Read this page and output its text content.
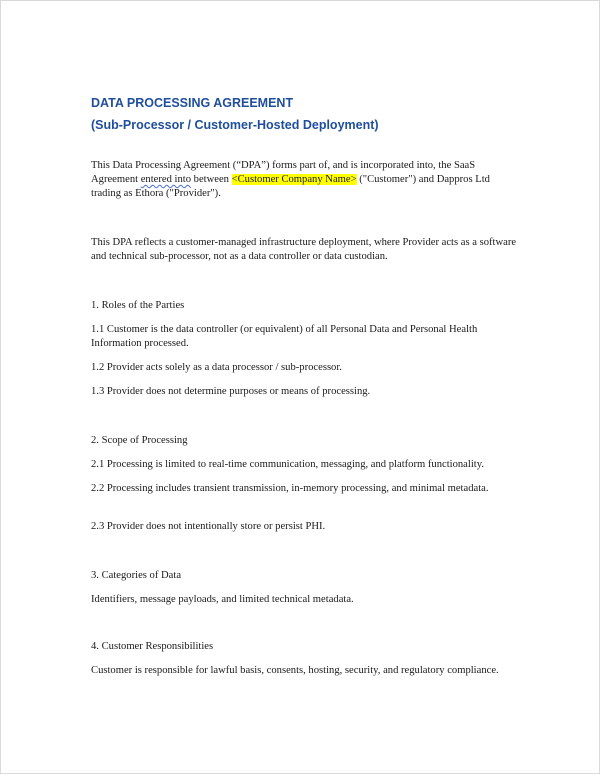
DATA PROCESSING AGREEMENT
(Sub-Processor / Customer-Hosted Deployment)

This Data Processing Agreement (“DPA”) forms part of, and is incorporated into, the SaaS Agreement entered into between <Customer Company Name> ("Customer") and Dappros Ltd trading as Ethora ("Provider").

This DPA reflects a customer-managed infrastructure deployment, where Provider acts as a software and technical sub-processor, not as a data controller or data custodian.

1. Roles of the Parties

1.1 Customer is the data controller (or equivalent) of all Personal Data and Personal Health Information processed.

1.2 Provider acts solely as a data processor / sub-processor.

1.3 Provider does not determine purposes or means of processing.

2. Scope of Processing

2.1 Processing is limited to real-time communication, messaging, and platform functionality.

2.2 Processing includes transient transmission, in-memory processing, and minimal metadata.

2.3 Provider does not intentionally store or persist PHI.

3. Categories of Data

Identifiers, message payloads, and limited technical metadata.

4. Customer Responsibilities

Customer is responsible for lawful basis, consents, hosting, security, and regulatory compliance.
